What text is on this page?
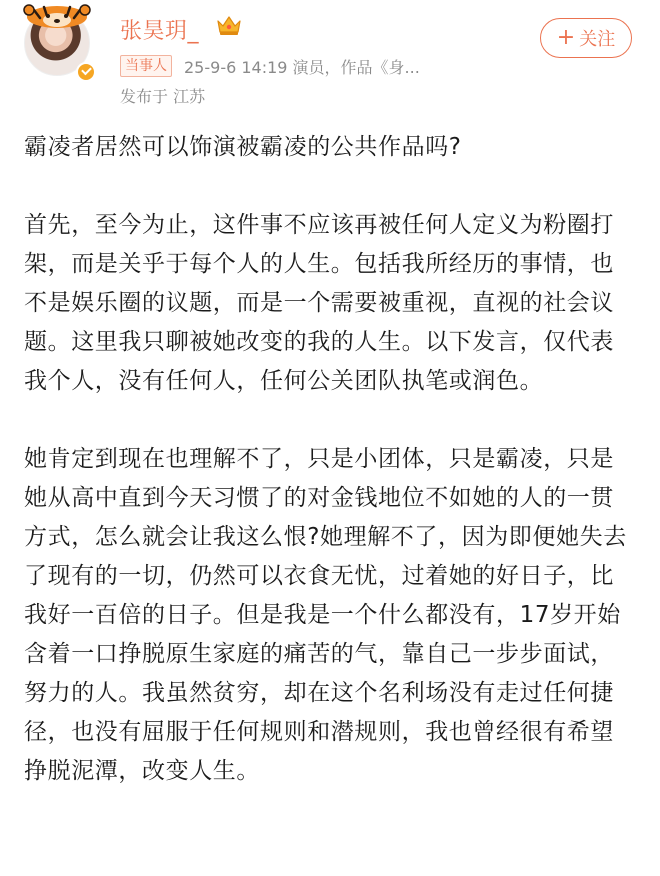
张昊玥_
当事人	25-9-6 14:19 演员，作品《身...
发布于 江苏
+ 关注

霸凌者居然可以饰演被霸凌的公共作品吗?

首先，至今为止，这件事不应该再被任何人定义为粉圈打架，而是关乎于每个人的人生。包括我所经历的事情，也不是娱乐圈的议题，而是一个需要被重视，直视的社会议题。这里我只聊被她改变的我的人生。以下发言，仅代表我个人，没有任何人，任何公关团队执笔或润色。

她肯定到现在也理解不了，只是小团体，只是霸凌，只是她从高中直到今天习惯了的对金钱地位不如她的人的一贯方式，怎么就会让我这么恨?她理解不了，因为即便她失去了现有的一切，仍然可以衣食无忧，过着她的好日子，比我好一百倍的日子。但是我是一个什么都没有，17岁开始含着一口挣脱原生家庭的痛苦的气，靠自己一步步面试，努力的人。我虽然贫穷，却在这个名利场没有走过任何捷径，也没有屈服于任何规则和潜规则，我也曾经很有希望挣脱泥潭，改变人生。
